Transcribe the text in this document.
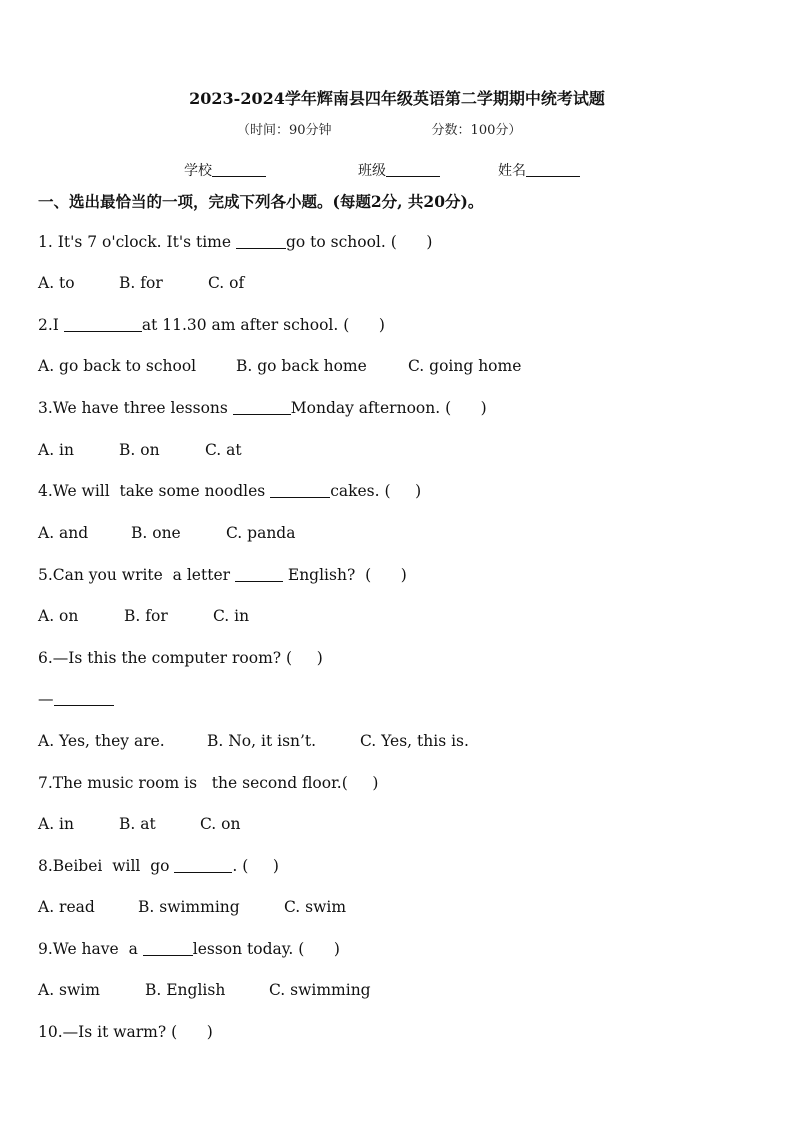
2023-2024学年辉南县四年级英语第二学期期中统考试题
（时间：90分钟	分数：100分）
学校	班级	姓名
一、选出最恰当的一项，完成下列各小题。(每题2分, 共20分)。
1. It's 7 o'clock. It's time	go to school. (      )
A. to	B. for	C. of
2.I	at 11.30 am after school. (      )
A. go back to school	B. go back home	C. going home
3.We have three lessons	Monday afternoon. (      )
A. in	B. on	C. at
4.We will  take some noodles	cakes. (     )
A. and	B. one	C. panda
5.Can you write  a letter	English?  (      )
A. on	B. for	C. in
6.—Is this the computer room? (     )
—
A. Yes, they are.	B. No, it isn’t.	C. Yes, this is.
7.The music room is   the second floor.(     )
A. in	B. at	C. on
8.Beibei  will  go	. (     )
A. read	B. swimming	C. swim
9.We have  a	lesson today. (      )
A. swim	B. English	C. swimming
10.—Is it warm? (      )
